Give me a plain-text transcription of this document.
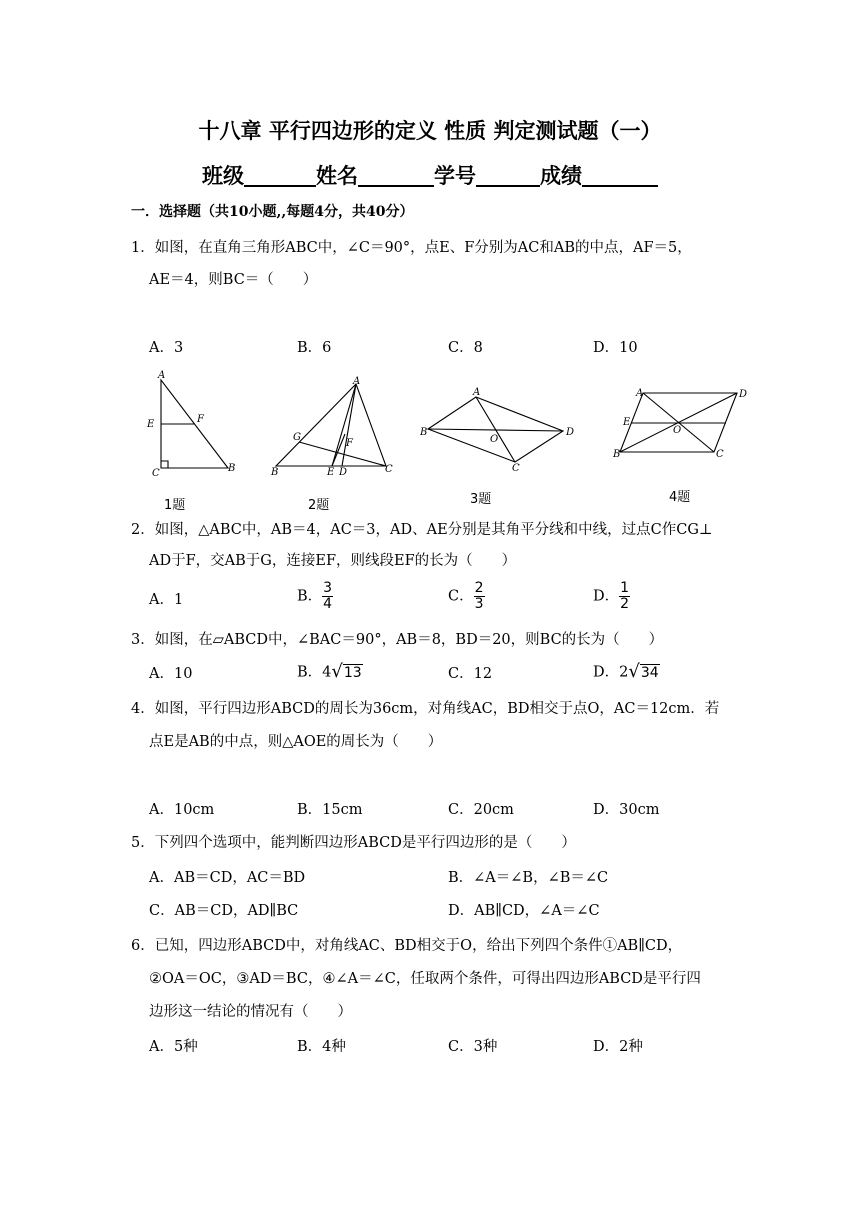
十八章 平行四边形的定义 性质 判定测试题（一）
班级	姓名	学号	成绩
一．选择题（共10小题,,每题4分，共40分）
1．如图，在直角三角形ABC中，∠C＝90°，点E、F分别为AC和AB的中点，AF＝5，
AE＝4，则BC＝（　　）
A．3	B．6	C．8	D．10
A
E	F
C	B
1题
A
G
F
B	E D	C
2题
A
B
O
D
C
3题
A	D
E
O
B	C
4题
2．如图，△ABC中，AB＝4，AC＝3，AD、AE分别是其角平分线和中线，过点C作CG⊥
AD于F，交AB于G，连接EF，则线段EF的长为（　　）
A．1	B． $\frac{3}{4}$	C． $\frac{2}{3}$	D． $\frac{1}{2}$
3．如图，在▱ABCD中，∠BAC＝90°，AB＝8，BD＝20，则BC的长为（　　）
A．10	B．4√13	C．12	D．2√34
4．如图，平行四边形ABCD的周长为36cm，对角线AC，BD相交于点O，AC＝12cm．若
点E是AB的中点，则△AOE的周长为（　　）
A．10cm	B．15cm	C．20cm	D．30cm
5．下列四个选项中，能判断四边形ABCD是平行四边形的是（　　）
A．AB＝CD，AC＝BD	B．∠A＝∠B，∠B＝∠C
C．AB＝CD，AD∥BC	D．AB∥CD，∠A＝∠C
6．已知，四边形ABCD中，对角线AC、BD相交于O，给出下列四个条件①AB∥CD，
②OA＝OC，③AD＝BC，④∠A＝∠C，任取两个条件，可得出四边形ABCD是平行四
边形这一结论的情况有（　　）
A．5种	B．4种	C．3种	D．2种
